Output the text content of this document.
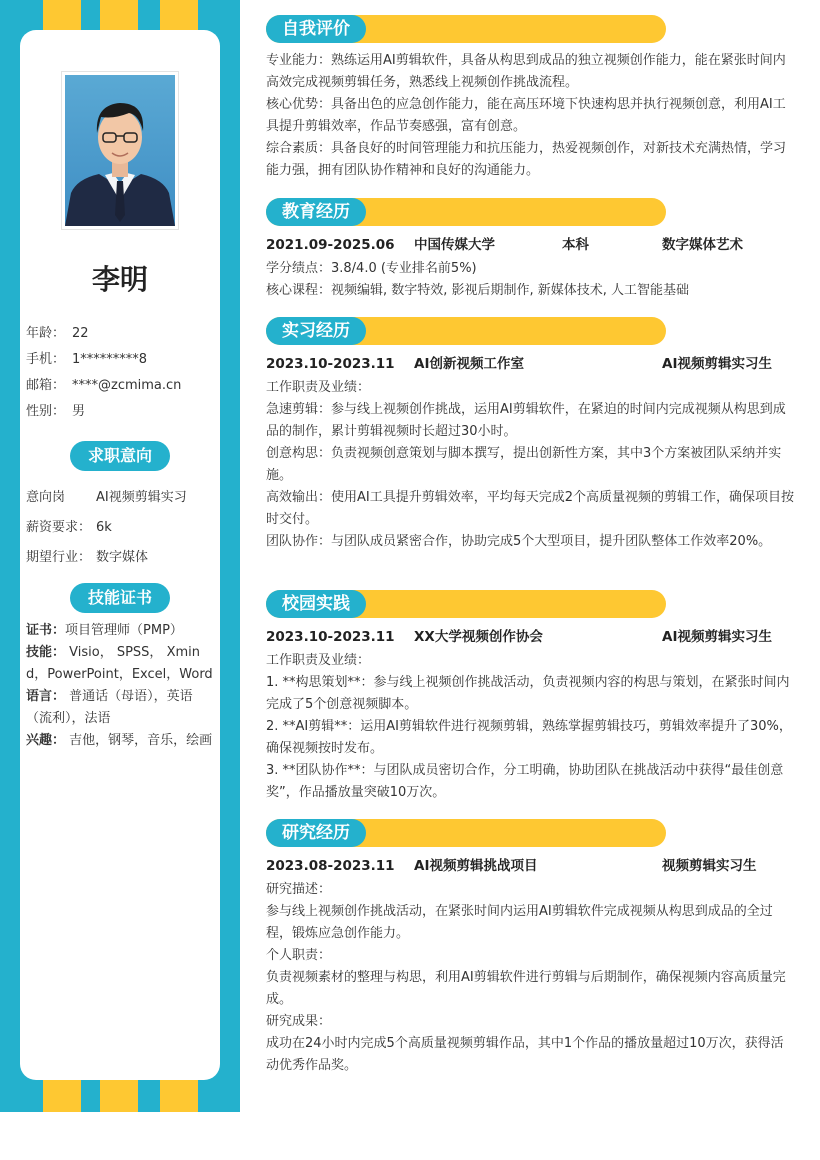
李明
年龄： 22
手机： 1*********8
邮箱： ****@zcmima.cn
性别： 男
求职意向
意向岗 AI视频剪辑实习
薪资要求： 6k
期望行业： 数字媒体
技能证书
证书：项目管理师（PMP）
技能： Visio， SPSS， Xmind，PowerPoint，Excel，Word
语言： 普通话（母语），英语（流利），法语
兴趣： 吉他，钢琴，音乐，绘画
自我评价
专业能力：熟练运用AI剪辑软件，具备从构思到成品的独立视频创作能力，能在紧张时间内高效完成视频剪辑任务，熟悉线上视频创作挑战流程。
核心优势：具备出色的应急创作能力，能在高压环境下快速构思并执行视频创意，利用AI工具提升剪辑效率，作品节奏感强，富有创意。
综合素质：具备良好的时间管理能力和抗压能力，热爱视频创作，对新技术充满热情，学习能力强，拥有团队协作精神和良好的沟通能力。
教育经历
2021.09-2025.06 中国传媒大学	本科	数字媒体艺术
学分绩点：3.8/4.0 (专业排名前5%)
核心课程：视频编辑, 数字特效, 影视后期制作, 新媒体技术, 人工智能基础
实习经历
2023.10-2023.11 AI创新视频工作室	AI视频剪辑实习生
工作职责及业绩：
急速剪辑：参与线上视频创作挑战，运用AI剪辑软件，在紧迫的时间内完成视频从构思到成品的制作，累计剪辑视频时长超过30小时。
创意构思：负责视频创意策划与脚本撰写，提出创新性方案，其中3个方案被团队采纳并实施。
高效输出：使用AI工具提升剪辑效率，平均每天完成2个高质量视频的剪辑工作，确保项目按时交付。
团队协作：与团队成员紧密合作，协助完成5个大型项目，提升团队整体工作效率20%。
校园实践
2023.10-2023.11 XX大学视频创作协会	AI视频剪辑实习生
工作职责及业绩：
1. **构思策划**：参与线上视频创作挑战活动，负责视频内容的构思与策划，在紧张时间内完成了5个创意视频脚本。
2. **AI剪辑**：运用AI剪辑软件进行视频剪辑，熟练掌握剪辑技巧，剪辑效率提升了30%，确保视频按时发布。
3. **团队协作**：与团队成员密切合作，分工明确，协助团队在挑战活动中获得“最佳创意奖”，作品播放量突破10万次。
研究经历
2023.08-2023.11 AI视频剪辑挑战项目	视频剪辑实习生
研究描述：
参与线上视频创作挑战活动，在紧张时间内运用AI剪辑软件完成视频从构思到成品的全过程，锻炼应急创作能力。
个人职责：
负责视频素材的整理与构思，利用AI剪辑软件进行剪辑与后期制作，确保视频内容高质量完成。
研究成果：
成功在24小时内完成5个高质量视频剪辑作品，其中1个作品的播放量超过10万次，获得活动优秀作品奖。
